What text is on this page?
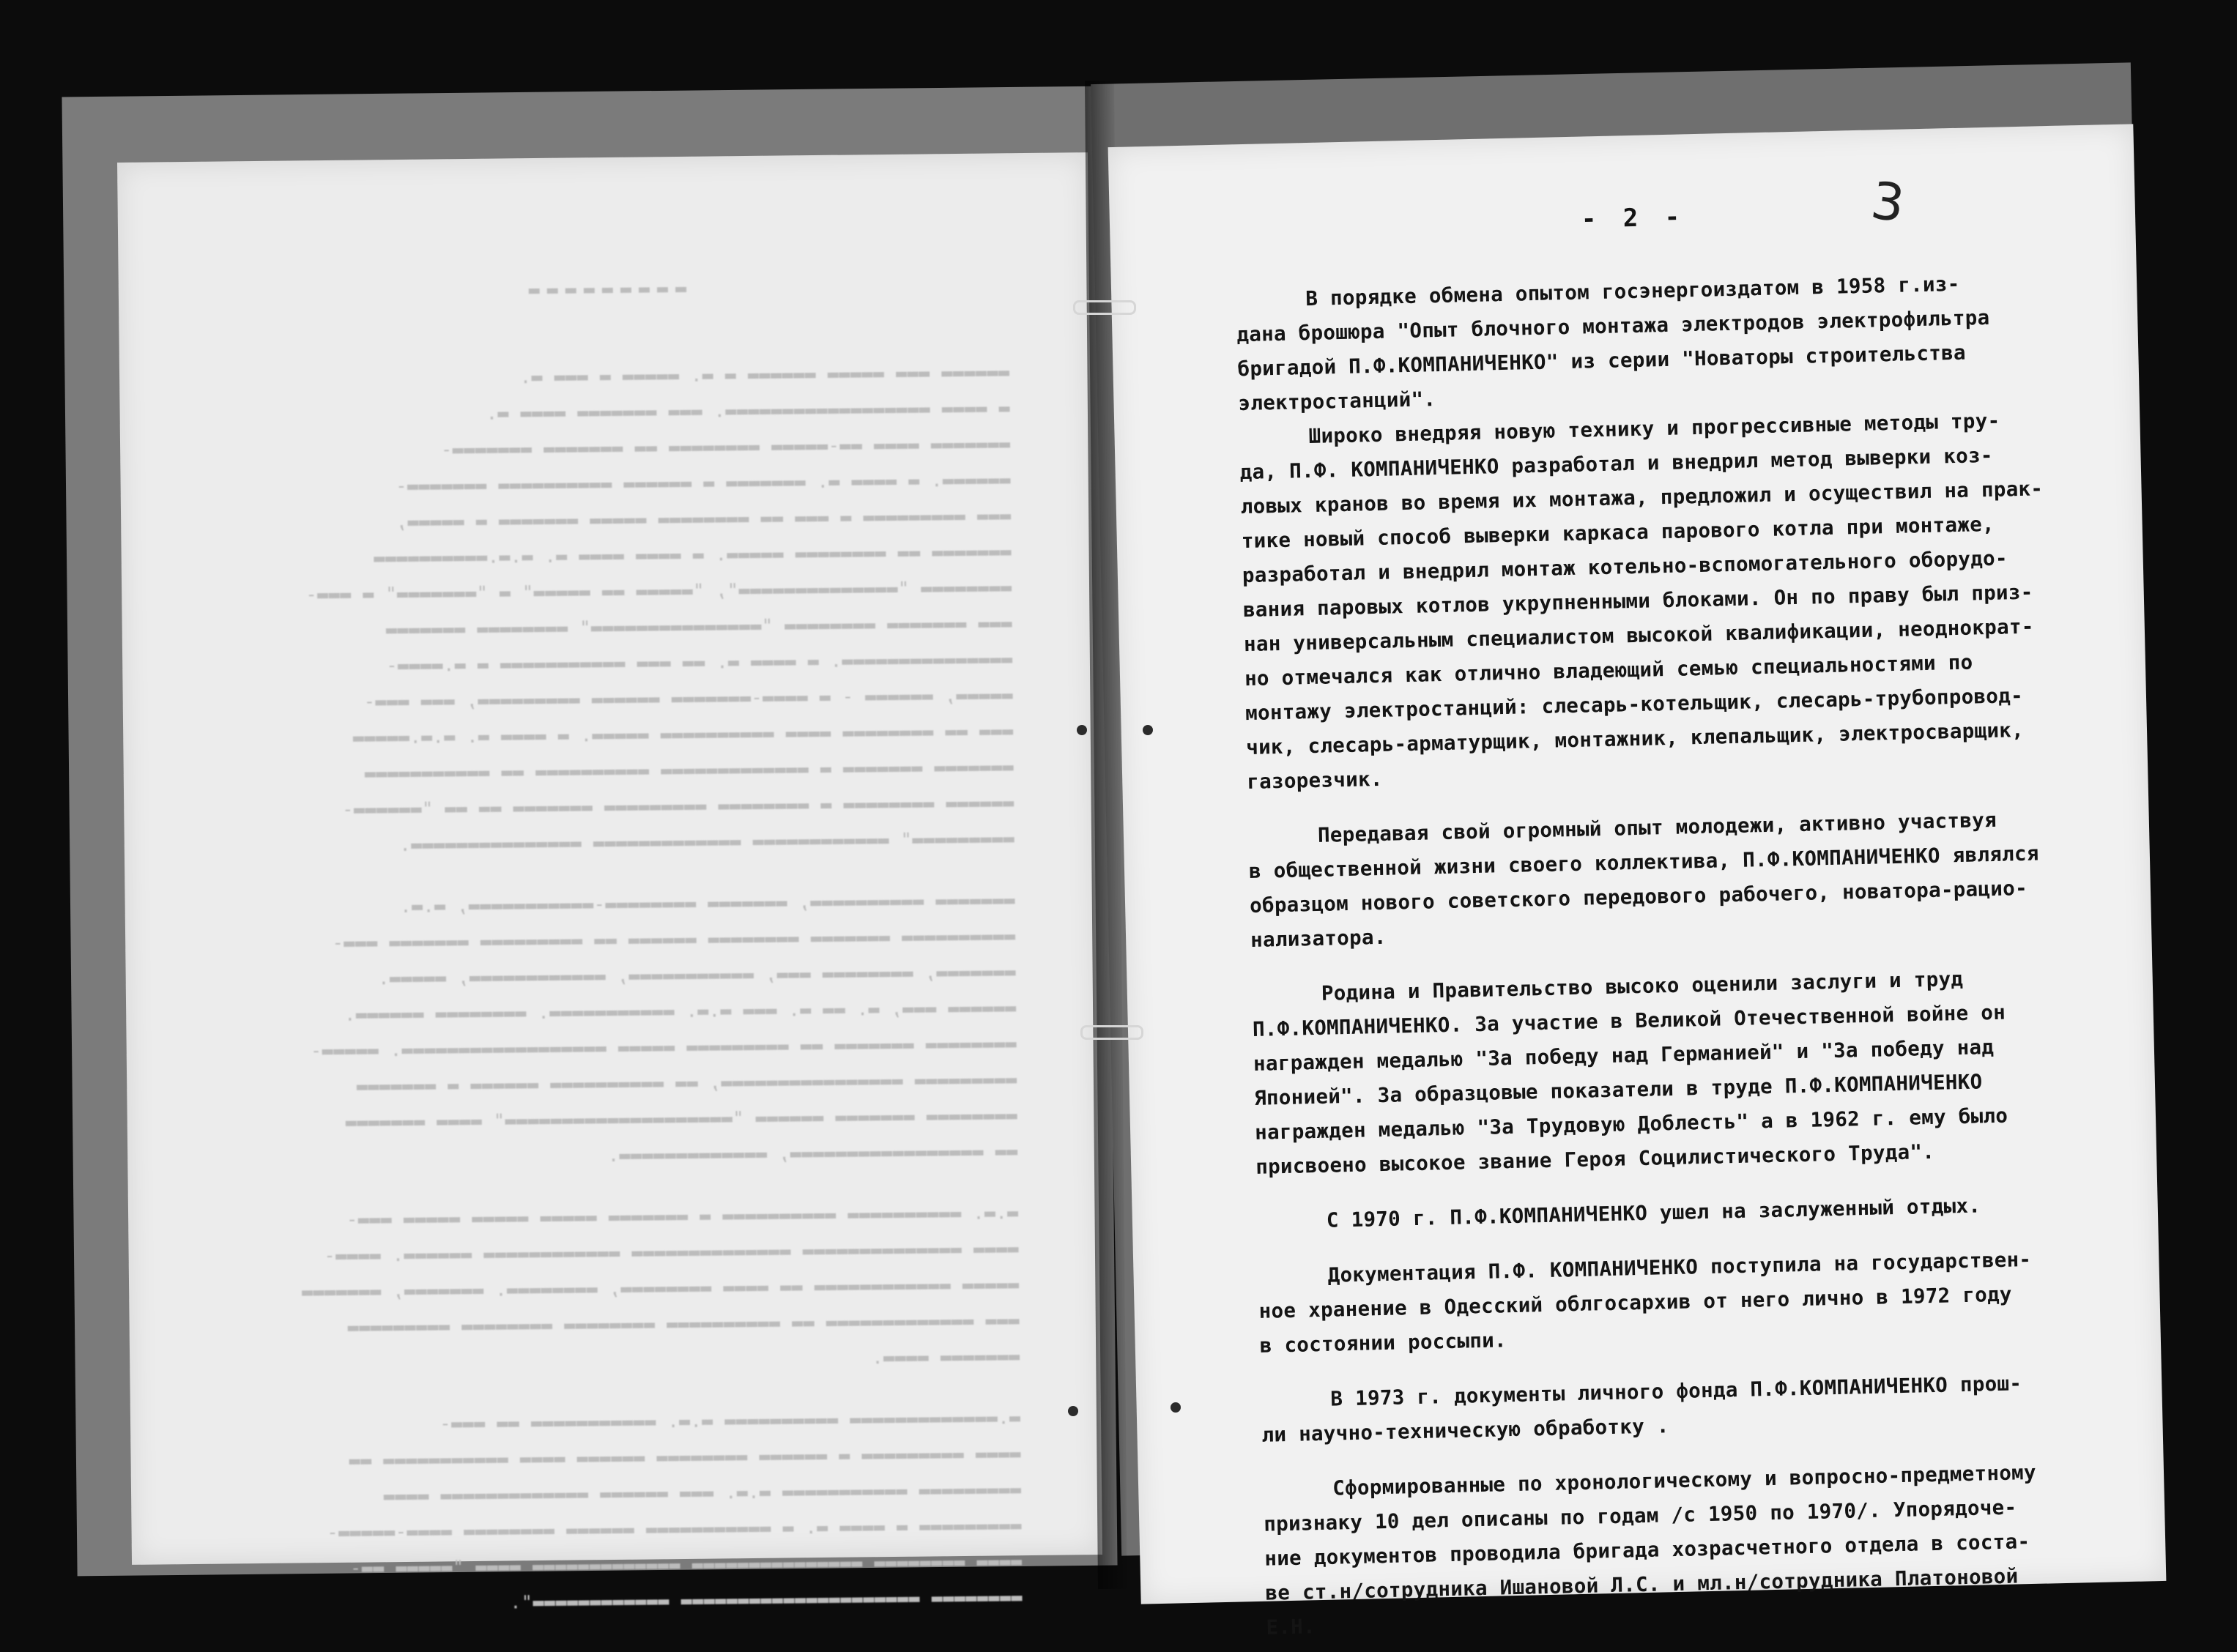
▬▬▬▬▬▬▬▬▬
▬▬▬▬▬▬ ▬▬▬ ▬▬▬▬▬ ▬▬▬▬▬▬ ▬ ▬. ▬▬▬▬▬ ▬ ▬▬▬ ▬.
▬ ▬▬▬▬ ▬▬▬▬▬▬▬▬▬▬▬▬▬▬▬▬▬▬. ▬▬▬ ▬▬▬▬▬▬▬ ▬▬▬▬ ▬.
▬▬▬▬▬▬▬ ▬▬▬▬ ▬▬-▬▬▬▬▬ ▬▬▬▬▬▬▬▬ ▬▬ ▬▬▬▬▬▬▬ ▬▬▬▬▬▬▬-
▬▬▬▬▬▬. ▬ ▬▬▬▬ ▬. ▬▬▬▬▬▬▬ ▬ ▬▬▬▬▬▬ ▬▬▬▬▬▬▬▬▬▬ ▬▬▬▬▬▬▬-
▬▬▬ ▬▬▬▬▬▬▬▬▬ ▬ ▬▬▬ ▬▬ ▬▬▬▬▬▬▬▬ ▬▬▬▬▬ ▬▬▬▬▬▬▬ ▬ ▬▬▬▬▬,
▬▬▬▬▬▬▬ ▬▬ ▬▬▬▬▬▬▬▬ ▬▬▬▬▬. ▬ ▬▬▬▬ ▬▬▬▬ ▬. ▬.▬.▬▬▬▬▬▬▬▬▬▬
▬▬▬▬▬▬▬▬ "▬▬▬▬▬▬▬▬▬▬▬▬▬▬", "▬▬▬▬▬ ▬▬ ▬▬▬▬▬" ▬ "▬▬▬▬▬▬▬" ▬ ▬▬▬-
▬▬▬ ▬▬▬▬▬▬▬ ▬▬▬▬▬▬▬▬ "▬▬▬▬▬▬▬▬▬▬▬▬▬▬▬" ▬▬▬▬▬▬▬▬ ▬▬▬▬▬▬▬
▬▬▬▬▬▬▬▬▬▬▬▬▬▬▬. ▬ ▬▬▬▬ ▬. ▬▬ ▬▬▬ ▬▬▬▬▬▬▬▬▬▬▬ ▬ ▬.▬▬▬▬-
▬▬▬▬▬, ▬▬▬▬▬▬ - ▬ ▬▬▬▬-▬▬▬▬▬▬▬ ▬▬▬▬▬▬ ▬▬▬▬▬▬▬▬▬, ▬▬▬ ▬▬▬-
▬▬▬ ▬▬ ▬▬▬▬▬▬▬▬ ▬▬▬▬ ▬▬▬▬▬▬▬▬▬▬ ▬▬▬▬▬. ▬ ▬▬▬▬ ▬. ▬.▬.▬▬▬▬▬
▬▬▬▬▬▬▬ ▬▬▬▬▬▬▬ ▬ ▬▬▬▬▬▬▬▬▬▬▬▬▬ ▬▬▬▬▬▬▬▬▬▬ ▬▬ ▬▬▬▬▬▬▬▬▬▬▬
▬▬▬▬▬▬ ▬▬▬▬▬▬▬▬ ▬ ▬▬▬▬▬▬▬▬ ▬▬▬▬▬▬▬▬▬ ▬▬▬▬▬▬▬ ▬▬ ▬▬ "▬▬▬▬▬▬-
▬▬▬▬▬▬▬▬▬" ▬▬▬▬▬▬▬▬▬▬▬▬ ▬▬▬▬▬▬▬▬▬▬▬▬▬ ▬▬▬▬▬▬▬▬▬▬▬▬▬▬▬.
▬▬▬▬▬▬▬ ▬▬▬▬▬▬▬▬▬▬, ▬▬▬▬▬▬▬ ▬▬▬▬▬▬▬▬-▬▬▬▬▬▬▬▬▬▬▬, ▬.▬.
▬▬▬▬▬▬▬▬▬▬ ▬▬▬▬▬▬▬ ▬▬▬▬▬▬▬▬ ▬▬▬▬▬▬ ▬▬ ▬▬▬▬▬▬▬▬▬ ▬▬▬▬▬▬▬ ▬▬▬-
▬▬▬▬▬▬▬, ▬▬▬▬▬▬▬▬ ▬▬▬, ▬▬▬▬▬▬▬▬▬▬▬, ▬▬▬▬▬▬▬▬▬▬▬▬, ▬▬▬▬▬.
▬▬▬▬▬▬ ▬▬▬, ▬. ▬▬ ▬. ▬▬▬ ▬.▬. ▬▬▬▬▬▬▬▬▬▬▬. ▬▬▬▬▬▬▬▬ ▬▬▬▬▬▬.
▬▬▬▬▬▬▬▬ ▬▬▬▬▬▬▬ ▬▬ ▬▬▬▬▬▬▬▬▬ ▬▬▬▬▬ ▬▬▬▬▬▬▬▬▬▬▬▬▬▬▬▬▬▬. ▬▬▬▬▬-
▬▬▬▬▬▬▬▬▬ ▬▬▬▬▬▬▬▬▬▬▬▬▬▬▬▬, ▬▬ ▬▬▬▬▬▬▬▬▬▬ ▬▬▬▬▬▬ ▬ ▬▬▬▬▬▬▬
▬▬▬▬▬▬▬▬ ▬▬▬▬▬▬▬ ▬▬▬▬▬▬ "▬▬▬▬▬▬▬▬▬▬▬▬▬▬▬▬▬▬▬▬" ▬▬▬▬ ▬▬▬▬▬▬▬
▬▬ ▬▬▬▬▬▬▬▬▬▬▬▬▬▬▬▬▬, ▬▬▬▬▬▬▬▬▬▬▬▬▬.
▬.▬. ▬▬▬▬▬▬▬▬▬▬ ▬▬▬▬▬▬▬▬▬▬ ▬ ▬▬▬▬▬▬▬ ▬▬▬▬▬ ▬▬▬▬▬ ▬▬▬▬▬ ▬▬▬-
▬▬▬▬ ▬▬▬▬▬▬▬▬▬▬▬▬▬▬ ▬▬▬▬▬▬▬▬▬▬▬▬▬▬ ▬▬▬▬▬▬▬▬▬▬▬▬ ▬▬▬▬▬▬. ▬▬▬▬-
▬▬▬▬▬ ▬▬▬▬▬▬▬▬▬▬▬▬ ▬▬ ▬▬▬▬ ▬▬▬▬▬▬▬▬, ▬▬▬▬▬▬▬▬. ▬▬▬▬▬▬▬, ▬▬▬▬▬▬▬
▬▬▬ ▬▬▬▬▬▬▬▬▬▬▬▬▬ ▬▬ ▬▬▬▬▬▬▬▬▬▬ ▬▬▬▬▬▬▬▬ ▬▬▬▬▬▬▬▬ ▬▬▬▬▬▬▬▬▬
▬▬▬▬▬▬▬ ▬▬▬▬.
▬.▬▬▬▬▬▬▬▬▬▬▬▬▬ ▬▬▬▬▬▬▬▬▬▬ ▬.▬. ▬▬▬▬▬▬▬▬▬▬▬ ▬▬ ▬▬▬-
▬▬▬▬ ▬▬▬▬▬▬▬▬▬ ▬ ▬▬▬▬▬▬ ▬▬▬▬▬▬▬▬ ▬▬▬▬▬▬ ▬▬▬▬ ▬▬▬▬▬▬▬▬▬▬▬ ▬▬
▬▬▬▬▬▬▬▬▬ ▬▬▬▬▬▬▬▬▬▬▬ ▬.▬. ▬▬▬ ▬▬▬▬▬▬ ▬▬▬▬▬▬▬▬▬▬▬▬▬ ▬▬▬▬
▬▬▬▬▬▬▬▬▬ ▬ ▬▬▬▬ ▬. ▬ ▬▬▬▬▬▬▬▬▬▬▬ ▬▬▬▬▬▬ ▬▬▬▬▬▬▬▬ ▬▬▬▬-▬▬▬▬▬-
▬▬▬▬ ▬▬▬▬▬▬▬▬ ▬▬▬▬▬▬▬▬▬▬▬▬▬▬▬ ▬▬▬▬▬▬▬▬▬▬▬▬▬ ▬▬▬▬ "▬▬▬▬▬ ▬▬-
▬▬▬▬▬▬▬▬ ▬▬▬▬▬▬▬▬▬▬▬▬▬▬▬▬▬▬▬▬▬ ▬▬▬▬▬▬▬▬▬▬▬▬".
- 2 -
В порядке обмена опытом госэнергоиздатом в 1958 г.из-
дана брошюра "Опыт блочного монтажа электродов электрофильтра
бригадой П.Ф.КОМПАНИЧЕНКО" из серии "Новаторы строительства
электростанций".
Широко внедряя новую технику и прогрессивные методы тру-
да, П.Ф. КОМПАНИЧЕНКО разработал и внедрил метод выверки коз-
ловых кранов во время их монтажа, предложил и осуществил на прак-
тике новый способ выверки каркаса парового котла при монтаже,
разработал и внедрил монтаж котельно-вспомогательного оборудо-
вания паровых котлов укрупненными блоками. Он по праву был приз-
нан универсальным специалистом высокой квалификации, неоднократ-
но отмечался как отлично владеющий семью специальностями по
монтажу электростанций: слесарь-котельщик, слесарь-трубопровод-
чик, слесарь-арматурщик, монтажник, клепальщик, электросварщик,
газорезчик.
Передавая свой огромный опыт молодежи, активно участвуя
в общественной жизни своего коллектива, П.Ф.КОМПАНИЧЕНКО являлся
образцом нового советского передового рабочего, новатора-рацио-
нализатора.
Родина и Правительство высоко оценили заслуги и труд
П.Ф.КОМПАНИЧЕНКО. За участие в Великой Отечественной войне он
награжден медалью "За победу над Германией" и "За победу над
Японией". За образцовые показатели в труде П.Ф.КОМПАНИЧЕНКО
награжден медалью "За Трудовую Доблесть" а в 1962 г. ему было
присвоено высокое звание Героя Социлистического Труда".
С 1970 г. П.Ф.КОМПАНИЧЕНКО ушел на заслуженный отдых.
Документация П.Ф. КОМПАНИЧЕНКО поступила на государствен-
ное хранение в Одесский облгосархив от него лично в 1972 году
в состоянии россыпи.
В 1973 г. документы личного фонда П.Ф.КОМПАНИЧЕНКО прош-
ли научно-техническую обработку .
Сформированные по хронологическому и вопросно-предметному
признаку 10 дел описаны по годам /с 1950 по 1970/. Упорядоче-
ние документов проводила бригада хозрасчетного отдела в соста-
ве ст.н/сотрудника Ишановой Л.С. и мл.н/сотрудника Платоновой
Е.Н.
3
